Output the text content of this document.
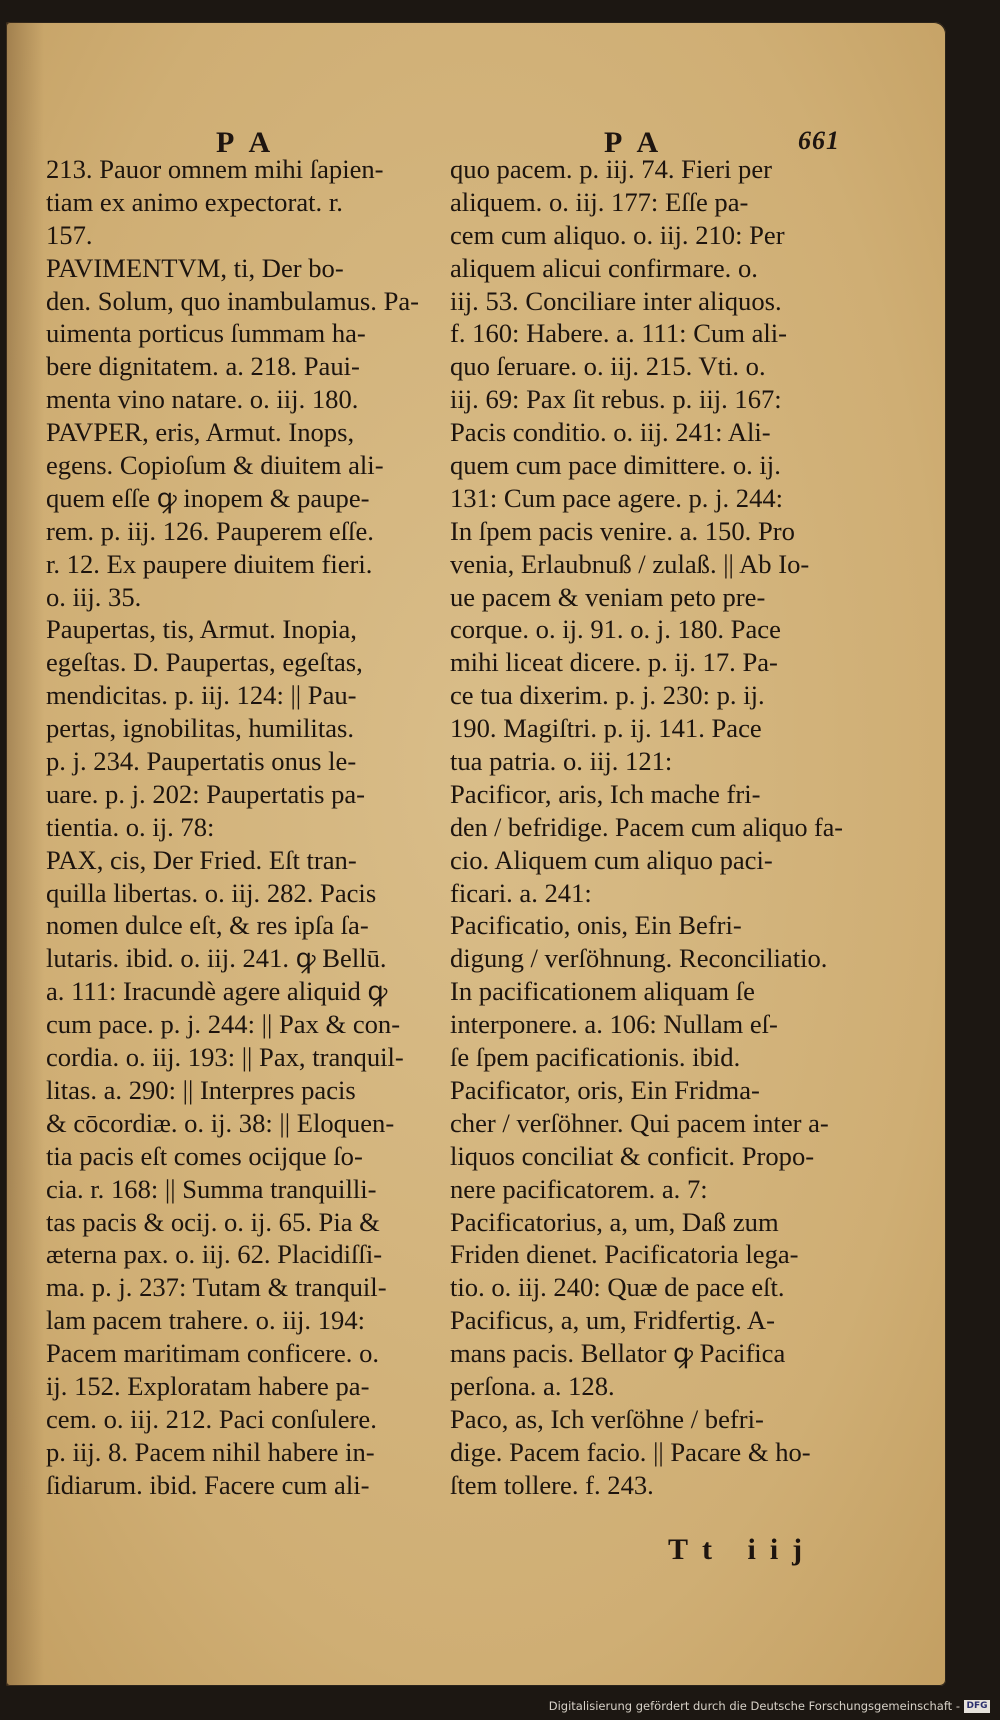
P A	P A	661
213. Pauor omnem mihi ſapien-
tiam ex animo expectorat. r.
157.
PAVIMENTVM, ti, Der bo-
den. Solum, quo inambulamus. Pa-
uimenta porticus ſummam ha-
bere dignitatem. a. 218. Paui-
menta vino natare. o. iij. 180.
PAVPER, eris, Armut. Inops,
egens. Copioſum & diuitem ali-
quem eſſe ꝙ inopem & paupe-
rem. p. iij. 126. Pauperem eſſe.
r. 12. Ex paupere diuitem fieri.
o. iij. 35.
Paupertas, tis, Armut. Inopia,
egeſtas. D. Paupertas, egeſtas,
mendicitas. p. iij. 124: || Pau-
pertas, ignobilitas, humilitas.
p. j. 234. Paupertatis onus le-
uare. p. j. 202: Paupertatis pa-
tientia. o. ij. 78:
PAX, cis, Der Fried. Eſt tran-
quilla libertas. o. iij. 282. Pacis
nomen dulce eſt, & res ipſa ſa-
lutaris. ibid. o. iij. 241. ꝙ Bellū.
a. 111: Iracundè agere aliquid ꝙ
cum pace. p. j. 244: || Pax & con-
cordia. o. iij. 193: || Pax, tranquil-
litas. a. 290: || Interpres pacis
& cōcordiæ. o. ij. 38: || Eloquen-
tia pacis eſt comes ocijque ſo-
cia. r. 168: || Summa tranquilli-
tas pacis & ocij. o. ij. 65. Pia &
æterna pax. o. iij. 62. Placidiſſi-
ma. p. j. 237: Tutam & tranquil-
lam pacem trahere. o. iij. 194:
Pacem maritimam conficere. o.
ij. 152. Exploratam habere pa-
cem. o. iij. 212. Paci conſulere.
p. iij. 8. Pacem nihil habere in-
ſidiarum. ibid. Facere cum ali-
quo pacem. p. iij. 74. Fieri per
aliquem. o. iij. 177: Eſſe pa-
cem cum aliquo. o. iij. 210: Per
aliquem alicui confirmare. o.
iij. 53. Conciliare inter aliquos.
f. 160: Habere. a. 111: Cum ali-
quo ſeruare. o. iij. 215. Vti. o.
iij. 69: Pax ſit rebus. p. iij. 167:
Pacis conditio. o. iij. 241: Ali-
quem cum pace dimittere. o. ij.
131: Cum pace agere. p. j. 244:
In ſpem pacis venire. a. 150. Pro
venia, Erlaubnuß / zulaß. || Ab Io-
ue pacem & veniam peto pre-
corque. o. ij. 91. o. j. 180. Pace
mihi liceat dicere. p. ij. 17. Pa-
ce tua dixerim. p. j. 230: p. ij.
190. Magiſtri. p. ij. 141. Pace
tua patria. o. iij. 121:
Pacificor, aris, Ich mache fri-
den / befridige. Pacem cum aliquo fa-
cio. Aliquem cum aliquo paci-
ficari. a. 241:
Pacificatio, onis, Ein Befri-
digung / verſöhnung. Reconciliatio.
In pacificationem aliquam ſe
interponere. a. 106: Nullam eſ-
ſe ſpem pacificationis. ibid.
Pacificator, oris, Ein Fridma-
cher / verſöhner. Qui pacem inter a-
liquos conciliat & conficit. Propo-
nere pacificatorem. a. 7:
Pacificatorius, a, um, Daß zum
Friden dienet. Pacificatoria lega-
tio. o. iij. 240: Quæ de pace eſt.
Pacificus, a, um, Fridfertig. A-
mans pacis. Bellator ꝙ Pacifica
perſona. a. 128.
Paco, as, Ich verſöhne / befri-
dige. Pacem facio. || Pacare & ho-
ſtem tollere. f. 243.
Tt iij
Digitalisierung gefördert durch die Deutsche Forschungsgemeinschaft - DFG
